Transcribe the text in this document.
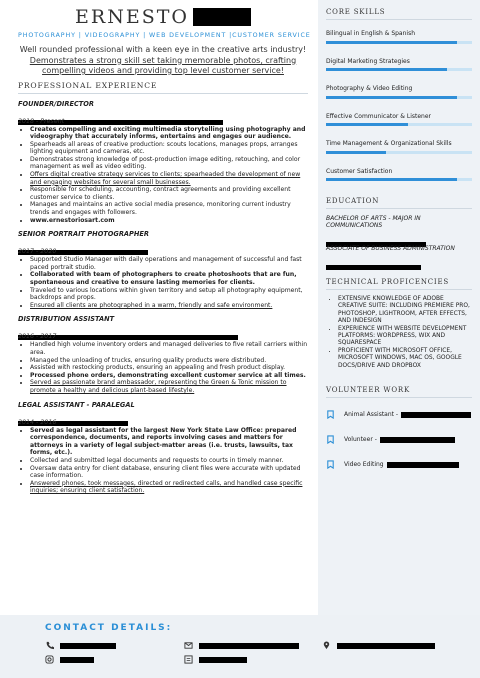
ERNESTO
PHOTOGRAPHY | VIDEOGRAPHY | WEB DEVELOPMENT |CUSTOMER SERVICE
Well rounded professional with a keen eye in the creative arts industry!
Demonstrates a strong skill set taking memorable photos, crafting compelling videos and providing top level customer service!
PROFESSIONAL EXPERIENCE
FOUNDER/DIRECTOR
2018 - Present
• Creates compelling and exciting multimedia storytelling using photography and videography that accurately informs, entertains and engages our audience.
• Spearheads all areas of creative production: scouts locations, manages props, arranges lighting equipment and cameras, etc.
• Demonstrates strong knowledge of post-production image editing, retouching, and color management as well as video editing.
• Offers digital creative strategy services to clients; spearheaded the development of new and engaging websites for several small businesses.
• Responsible for scheduling, accounting, contract agreements and providing excellent customer service to clients.
• Manages and maintains an active social media presence, monitoring current industry trends and engages with followers.
• www.ernestoriosart.com
SENIOR PORTRAIT PHOTOGRAPHER
2017 - 2020
• Supported Studio Manager with daily operations and management of successful and fast paced portrait studio.
• Collaborated with team of photographers to create photoshoots that are fun, spontaneous and creative to ensure lasting memories for clients.
• Traveled to various locations within given territory and setup all photography equipment, backdrops and props.
• Ensured all clients are photographed in a warm, friendly and safe environment.
DISTRIBUTION ASSISTANT
2016 - 2017
• Handled high volume inventory orders and managed deliveries to five retail carriers within area.
• Managed the unloading of trucks, ensuring quality products were distributed.
• Assisted with restocking products, ensuring an appealing and fresh product display.
• Processed phone orders, demonstrating excellent customer service at all times.
• Served as passionate brand ambassador, representing the Green & Tonic mission to promote a healthy and delicious plant-based lifestyle.
LEGAL ASSISTANT - PARALEGAL
2014 - 2016
• Served as legal assistant for the largest New York State Law Office: prepared correspondence, documents, and reports involving cases and matters for attorneys in a variety of legal subject-matter areas (i.e. trusts, lawsuits, tax forms, etc.).
• Collected and submitted legal documents and requests to courts in timely manner.
• Oversaw data entry for client database, ensuring client files were accurate with updated case information.
• Answered phones, took messages, directed or redirected calls, and handled case specific inquiries; ensuring client satisfaction.
CORE SKILLS
Bilingual in English & Spanish
Digital Marketing Strategies
Photography & Video Editing
Effective Communicator & Listener
Time Management & Organizational Skills
Customer Satisfaction
EDUCATION
BACHELOR OF ARTS - MAJOR IN COMMUNICATIONS
ASSOCIATE OF BUSINESS ADMINISTRATION
TECHNICAL PROFICENCIES
• EXTENSIVE KNOWLEDGE OF ADOBE CREATIVE SUITE: INCLUDING PREMIERE PRO, PHOTOSHOP, LIGHTROOM, AFTER EFFECTS, AND INDESIGN
• EXPERIENCE WITH WEBSITE DEVELOPMENT PLATFORMS: WORDPRESS, WIX AND SQUARESPACE
• PROFICIENT WITH MICROSOFT OFFICE, MICROSOFT WINDOWS, MAC OS, GOOGLE DOCS/DRIVE AND DROPBOX
VOLUNTEER WORK
Animal Assistant -
Volunteer -
Video Editing
CONTACT DETAILS:
